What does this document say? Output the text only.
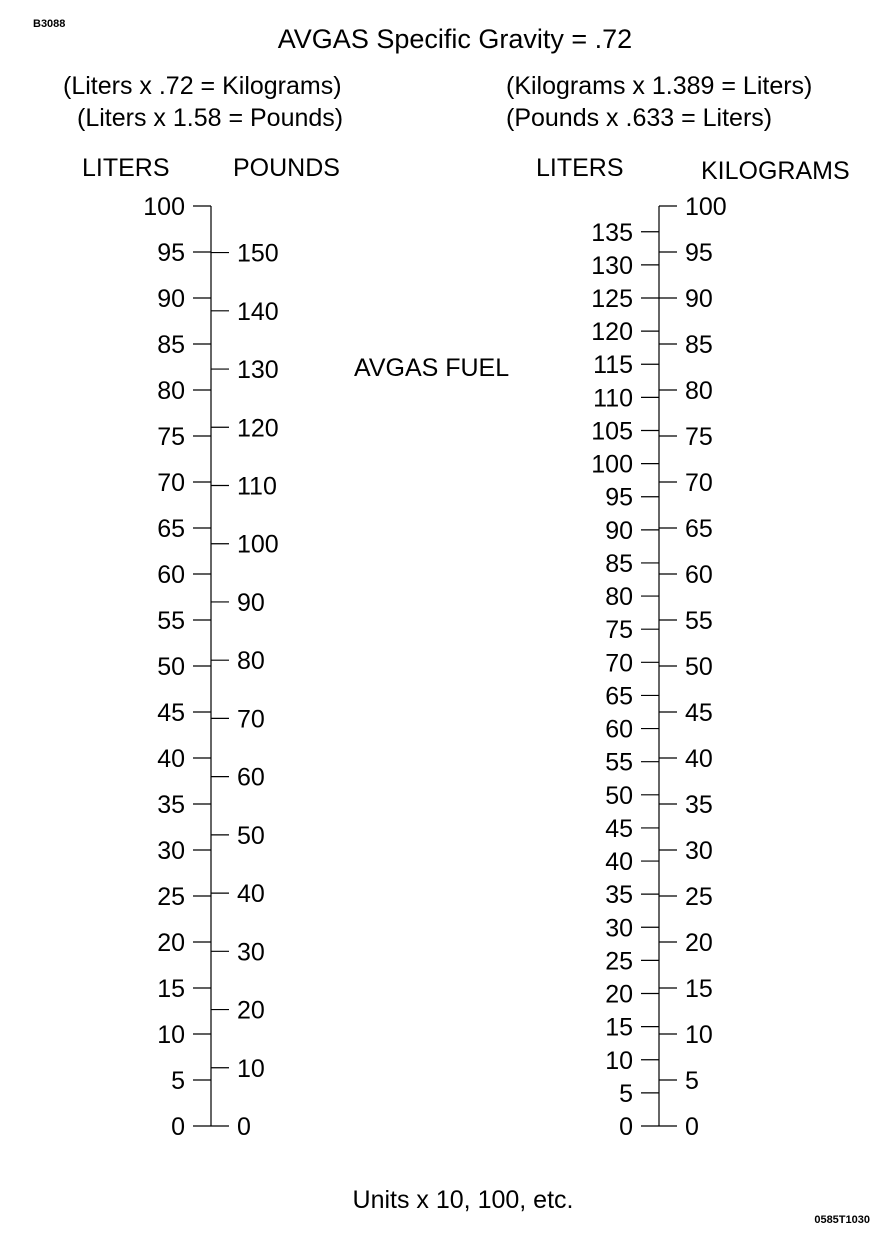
B3088	AVGAS Specific Gravity = .72
(Liters x .72 = Kilograms)
(Liters x 1.58 = Pounds)
(Kilograms x 1.389 = Liters)
(Pounds x .633 = Liters)
LITERS	POUNDS	LITERS	KILOGRAMS
AVGAS FUEL
0
5
10
15
20
25
30
35
40
45
50
55
60
65
70
75
80
85
90
95
100
0
10
20
30
40
50
60
70
80
90
100
110
120
130
140
150
0
5
10
15
20
25
30
35
40
45
50
55
60
65
70
75
80
85
90
95
100
0
5
10
15
20
25
30
35
40
45
50
55
60
65
70
75
80
85
90
95
100
105
110
115
120
125
130
135
Units x 10, 100, etc.
0585T1030
